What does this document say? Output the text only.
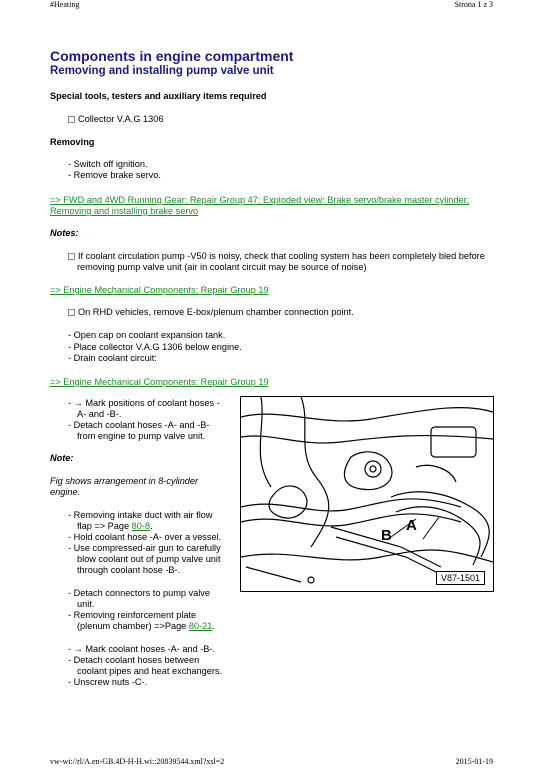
#Heating	Strona 1 z 3
Components in engine compartment
Removing and installing pump valve unit
Special tools, testers and auxiliary items required
Collector V.A.G 1306
Removing
- Switch off ignition.
- Remove brake servo.
=> FWD and 4WD Running Gear; Repair Group 47; Exploded view: Brake servo/brake master cylinder;
Removing and installing brake servo
Notes:
If coolant circulation pump -V50 is noisy, check that cooling system has been completely bled before
removing pump valve unit (air in coolant circuit may be source of noise)
=> Engine Mechanical Components; Repair Group 19
On RHD vehicles, remove E-box/plenum chamber connection point.
- Open cap on coolant expansion tank.
- Place collector V.A.G 1306 below engine.
- Drain coolant circuit:
=> Engine Mechanical Components; Repair Group 19
- → Mark positions of coolant hoses -
A- and -B-.
- Detach coolant hoses -A- and -B-
from engine to pump valve unit.
Note:
Fig shows arrangement in 8-cylinder
engine.
- Removing intake duct with air flow
flap => Page 80-8.
- Hold coolant hose -A- over a vessel.
- Use compressed-air gun to carefully
blow coolant out of pump valve unit
through coolant hose -B-.
- Detach connectors to pump valve
unit.
- Removing reinforcement plate
(plenum chamber) =>Page 80-21.
- → Mark coolant hoses -A- and -B-.
- Detach coolant hoses between
coolant pipes and heat exchangers.
- Unscrew nuts -C-.
A
B
V87-1501
vw-wi://rl/A.en-GB.4D-H-H.wi::20839544.xml?xsl=2	2015-01-19
